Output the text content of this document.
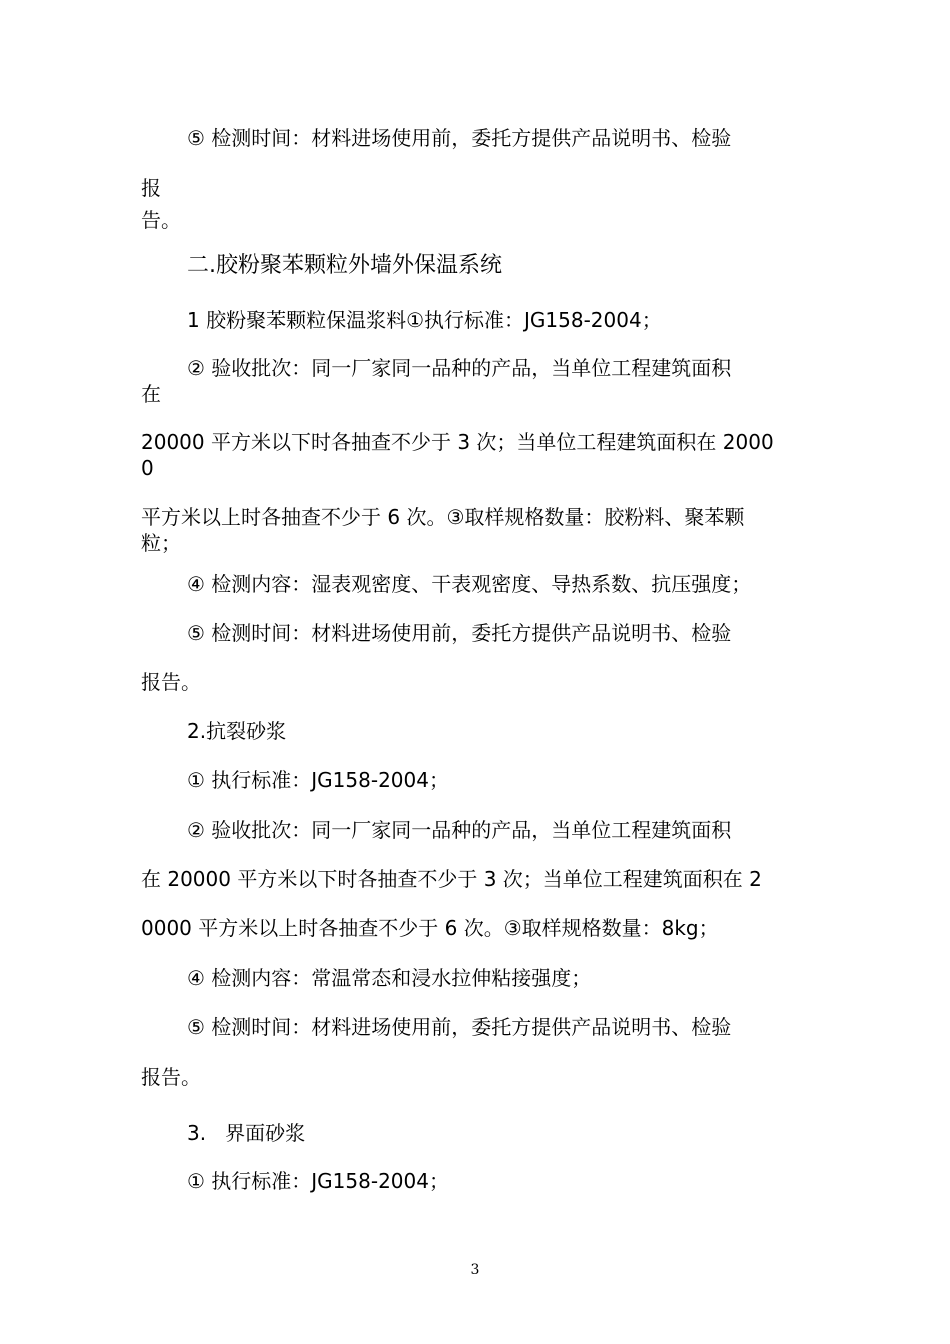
⑤ 检测时间：材料进场使用前，委托方提供产品说明书、检验
报
告。
二.胶粉聚苯颗粒外墙外保温系统
1 胶粉聚苯颗粒保温浆料①执行标准：JG158-2004；
② 验收批次：同一厂家同一品种的产品，当单位工程建筑面积
在
20000 平方米以下时各抽查不少于 3 次；当单位工程建筑面积在 2000
0
平方米以上时各抽查不少于 6 次。③取样规格数量：胶粉料、聚苯颗
粒；
④ 检测内容：湿表观密度、干表观密度、导热系数、抗压强度；
⑤ 检测时间：材料进场使用前，委托方提供产品说明书、检验
报告。
2.抗裂砂浆
① 执行标准：JG158-2004；
② 验收批次：同一厂家同一品种的产品，当单位工程建筑面积
在 20000 平方米以下时各抽查不少于 3 次；当单位工程建筑面积在 2
0000 平方米以上时各抽查不少于 6 次。③取样规格数量：8kg；
④ 检测内容：常温常态和浸水拉伸粘接强度；
⑤ 检测时间：材料进场使用前，委托方提供产品说明书、检验
报告。
3.   界面砂浆
① 执行标准：JG158-2004；
3
